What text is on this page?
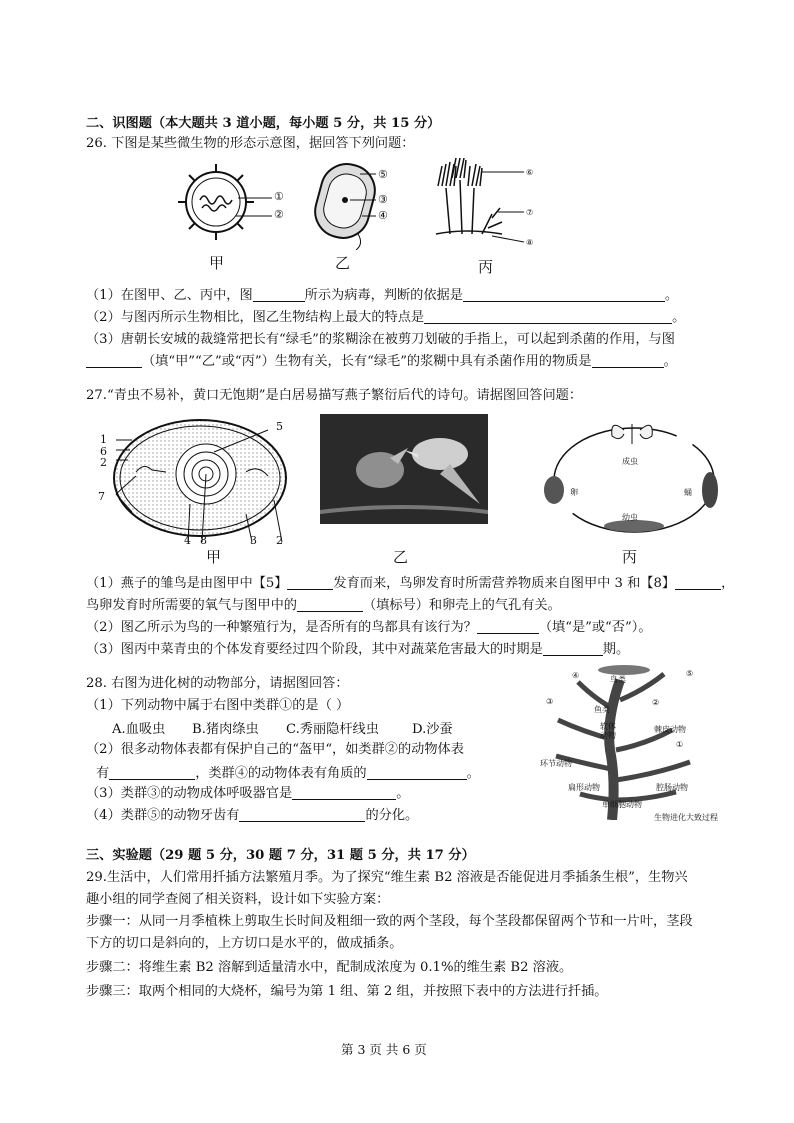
二、识图题（本大题共 3 道小题，每小题 5 分，共 15 分）
26. 下图是某些微生物的形态示意图，据回答下列问题：
①
②
⑤
③
④
⑥
⑦
⑧
甲	乙	丙
（1）在图甲、乙、丙中，图	所示为病毒，判断的依据是	。
（2）与图丙所示生物相比，图乙生物结构上最大的特点是	。
（3）唐朝长安城的裁缝常把长有“绿毛”的浆糊涂在被剪刀划破的手指上，可以起到杀菌的作用，与图
（填“甲”“乙”或“丙”）生物有关，长有“绿毛”的浆糊中具有杀菌作用的物质是	。
27.“青虫不易补，黄口无饱期”是白居易描写燕子繁衍后代的诗句。请据图回答问题：
1
6
2
7
5
4 8	3 2
成虫
卵	蛹
幼虫
甲	乙	丙
（1）燕子的雏鸟是由图甲中【5】	发育而来，鸟卵发育时所需营养物质来自图甲中 3 和【8】	，
鸟卵发育时所需要的氧气与图甲中的	（填标号）和卵壳上的气孔有关。
（2）图乙所示为鸟的一种繁殖行为，是否所有的鸟都具有该行为？	（填“是”或“否”）。
（3）图丙中菜青虫的个体发育要经过四个阶段，其中对蔬菜危害最大的时期是	期。
28. 右图为进化树的动物部分，请据图回答：
（1）下列动物中属于右图中类群①的是（ ）
A.血吸虫 B.猪肉绦虫 C.秀丽隐杆线虫	D.沙蚕
（2）很多动物体表都有保护自己的“盔甲“，如类群②的动物体表
有	，类群④的动物体表有角质的	。
（3）类群③的动物成体呼吸器官是	。
（4）类群⑤的动物牙齿有	的分化。
④	⑤
鸟类
③
鱼类
②
软体
动物
棘皮动物
①
环节动物
扁形动物	腔肠动物
单细胞动物
生物进化大致过程
三、实验题（29 题 5 分，30 题 7 分，31 题 5 分，共 17 分）
29.生活中，人们常用扦插方法繁殖月季。为了探究“维生素 B2 溶液是否能促进月季插条生根”，生物兴
趣小组的同学查阅了相关资料，设计如下实验方案：
步骤一：从同一月季植株上剪取生长时间及粗细一致的两个茎段，每个茎段都保留两个节和一片叶，茎段
下方的切口是斜向的，上方切口是水平的，做成插条。
步骤二：将维生素 B2 溶解到适量清水中，配制成浓度为 0.1%的维生素 B2 溶液。
步骤三：取两个相同的大烧杯，编号为第 1 组、第 2 组，并按照下表中的方法进行扦插。
第 3 页 共 6 页
